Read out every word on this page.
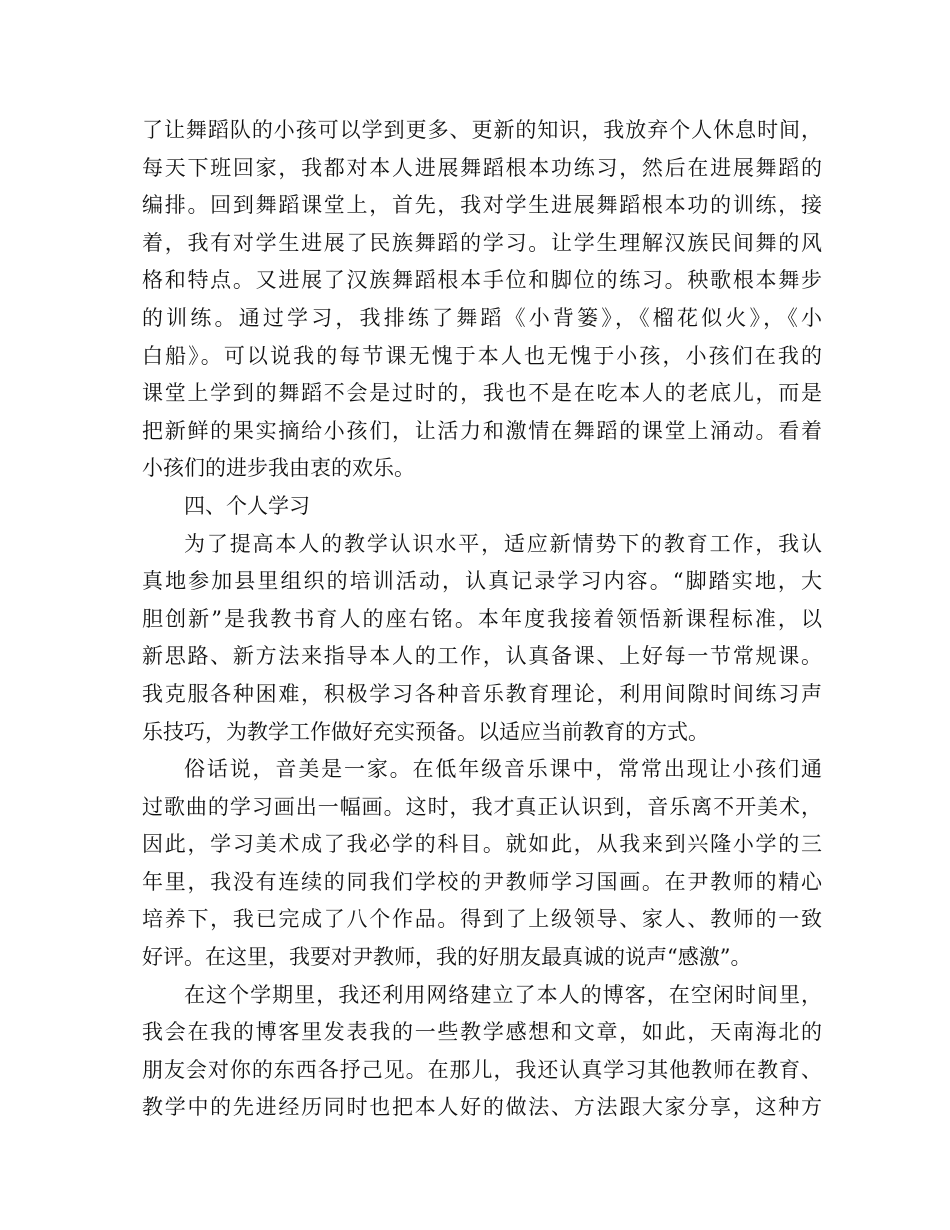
了让舞蹈队的小孩可以学到更多、更新的知识，我放弃个人休息时间，
每天下班回家，我都对本人进展舞蹈根本功练习，然后在进展舞蹈的
编排。回到舞蹈课堂上，首先，我对学生进展舞蹈根本功的训练，接
着，我有对学生进展了民族舞蹈的学习。让学生理解汉族民间舞的风
格和特点。又进展了汉族舞蹈根本手位和脚位的练习。秧歌根本舞步
的训练。通过学习，我排练了舞蹈《小背篓》，《榴花似火》，《小
白船》。可以说我的每节课无愧于本人也无愧于小孩，小孩们在我的
课堂上学到的舞蹈不会是过时的，我也不是在吃本人的老底儿，而是
把新鲜的果实摘给小孩们，让活力和激情在舞蹈的课堂上涌动。看着
小孩们的进步我由衷的欢乐。
四、个人学习
为了提高本人的教学认识水平，适应新情势下的教育工作，我认
真地参加县里组织的培训活动，认真记录学习内容。“脚踏实地，大
胆创新”是我教书育人的座右铭。本年度我接着领悟新课程标准，以
新思路、新方法来指导本人的工作，认真备课、上好每一节常规课。
我克服各种困难，积极学习各种音乐教育理论，利用间隙时间练习声
乐技巧，为教学工作做好充实预备。以适应当前教育的方式。
俗话说，音美是一家。在低年级音乐课中，常常出现让小孩们通
过歌曲的学习画出一幅画。这时，我才真正认识到，音乐离不开美术，
因此，学习美术成了我必学的科目。就如此，从我来到兴隆小学的三
年里，我没有连续的同我们学校的尹教师学习国画。在尹教师的精心
培养下，我已完成了八个作品。得到了上级领导、家人、教师的一致
好评。在这里，我要对尹教师，我的好朋友最真诚的说声“感激”。
在这个学期里，我还利用网络建立了本人的博客，在空闲时间里，
我会在我的博客里发表我的一些教学感想和文章，如此，天南海北的
朋友会对你的东西各抒己见。在那儿，我还认真学习其他教师在教育、
教学中的先进经历同时也把本人好的做法、方法跟大家分享，这种方
